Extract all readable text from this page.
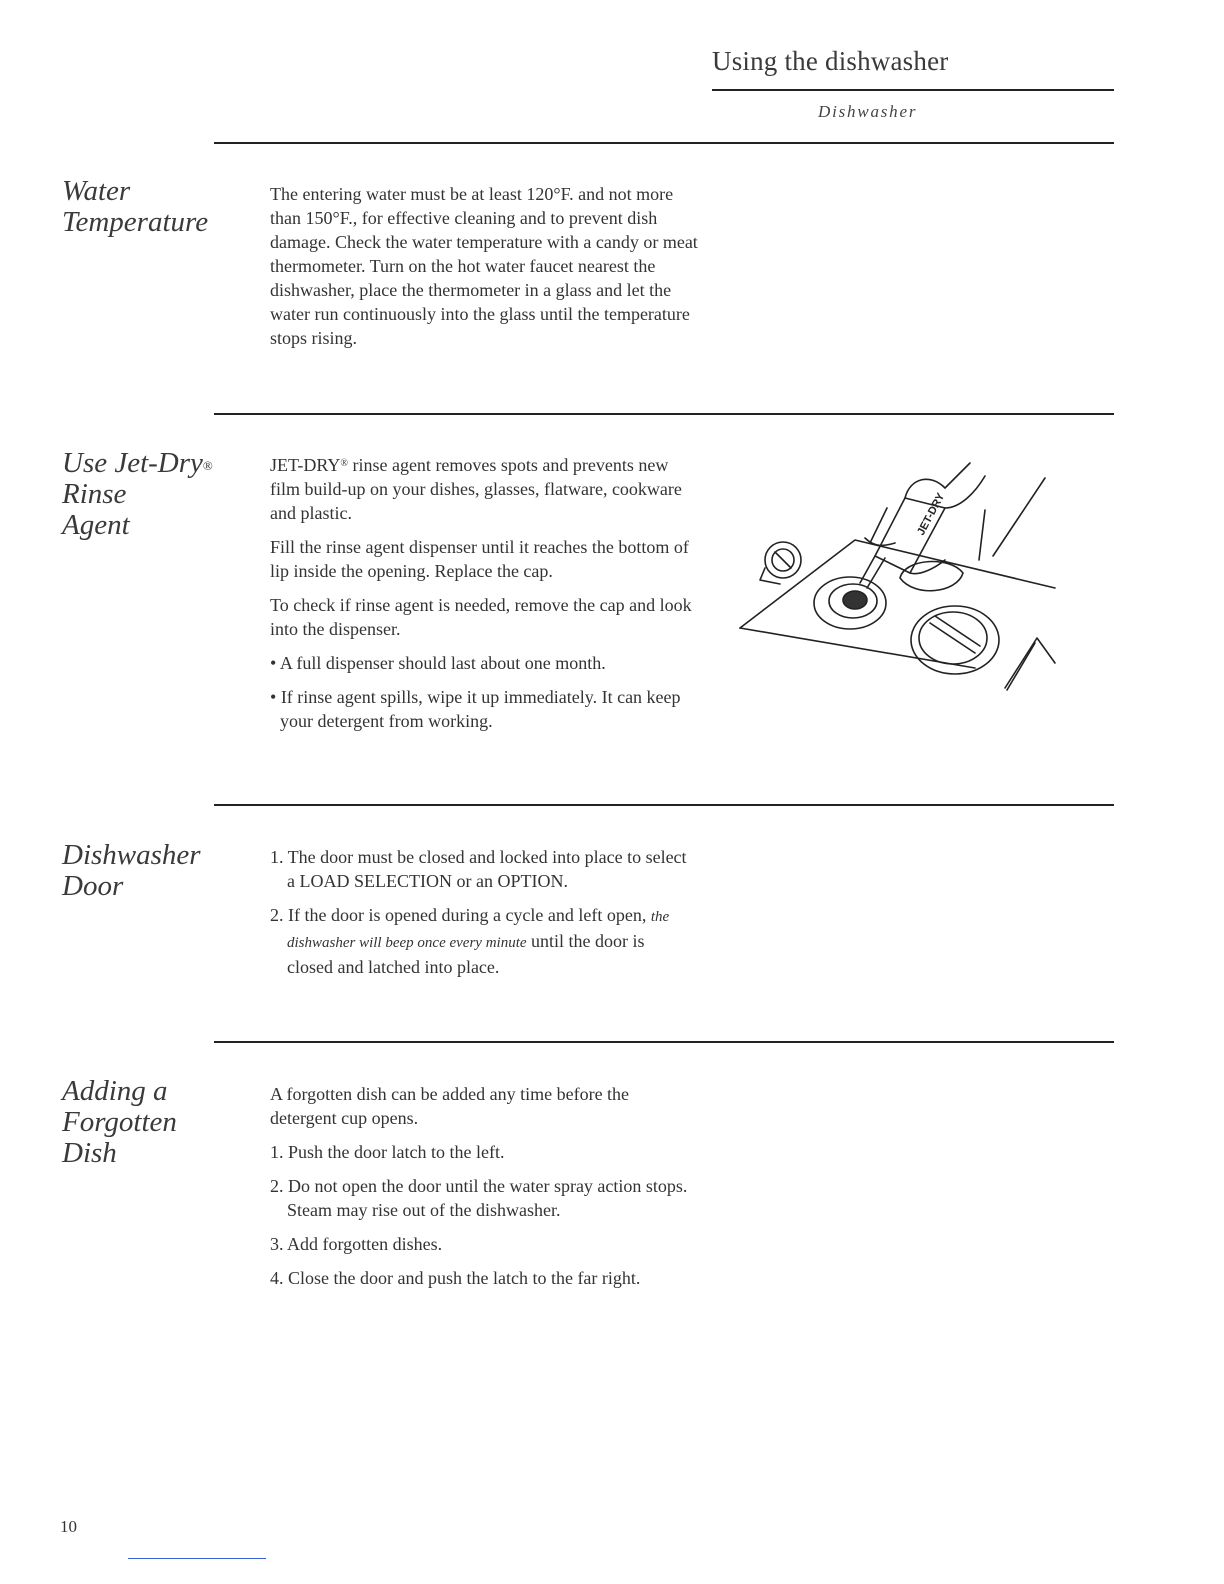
Using the dishwasher
Dishwasher
Water
Temperature

The entering water must be at least 120°F. and not more than 150°F., for effective cleaning and to prevent dish damage. Check the water temperature with a candy or meat thermometer. Turn on the hot water faucet nearest the dishwasher, place the thermometer in a glass and let the water run continuously into the glass until the temperature stops rising.

Use Jet-Dry®
Rinse
Agent

JET-DRY® rinse agent removes spots and prevents new film build-up on your dishes, glasses, flatware, cookware and plastic.

Fill the rinse agent dispenser until it reaches the bottom of lip inside the opening. Replace the cap.

To check if rinse agent is needed, remove the cap and look into the dispenser.

• A full dispenser should last about one month.

• If rinse agent spills, wipe it up immediately. It can keep your detergent from working.

JET-DRY
Dishwasher
Door

1. The door must be closed and locked into place to select a LOAD SELECTION or an OPTION.

2. If the door is opened during a cycle and left open, the dishwasher will beep once every minute until the door is closed and latched into place.

Adding a
Forgotten
Dish

A forgotten dish can be added any time before the detergent cup opens.

1. Push the door latch to the left.

2. Do not open the door until the water spray action stops. Steam may rise out of the dishwasher.

3. Add forgotten dishes.

4. Close the door and push the latch to the far right.

10
